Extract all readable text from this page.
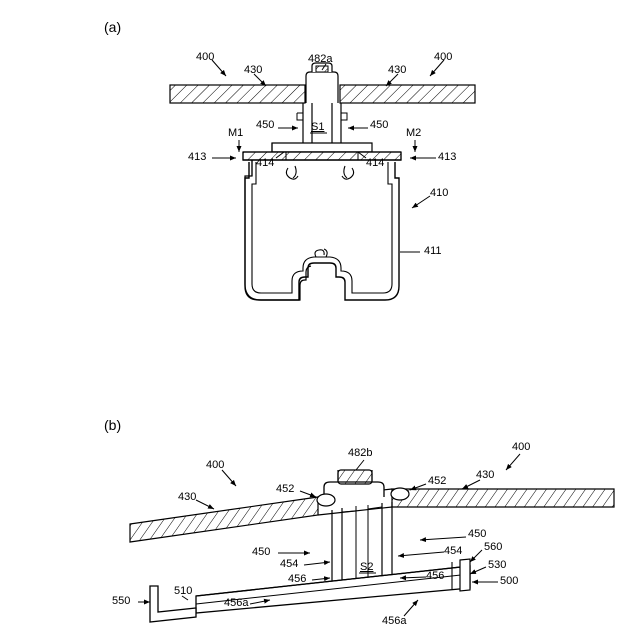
(a)
(b)
400
430
482a
430
400
450	S1	450
M1	M2
413	414	414	413
410
411
482b	400
400
452
452	430
430
450
450	560
454
454	S2	530
456	456	500
550
510
456a
456a
